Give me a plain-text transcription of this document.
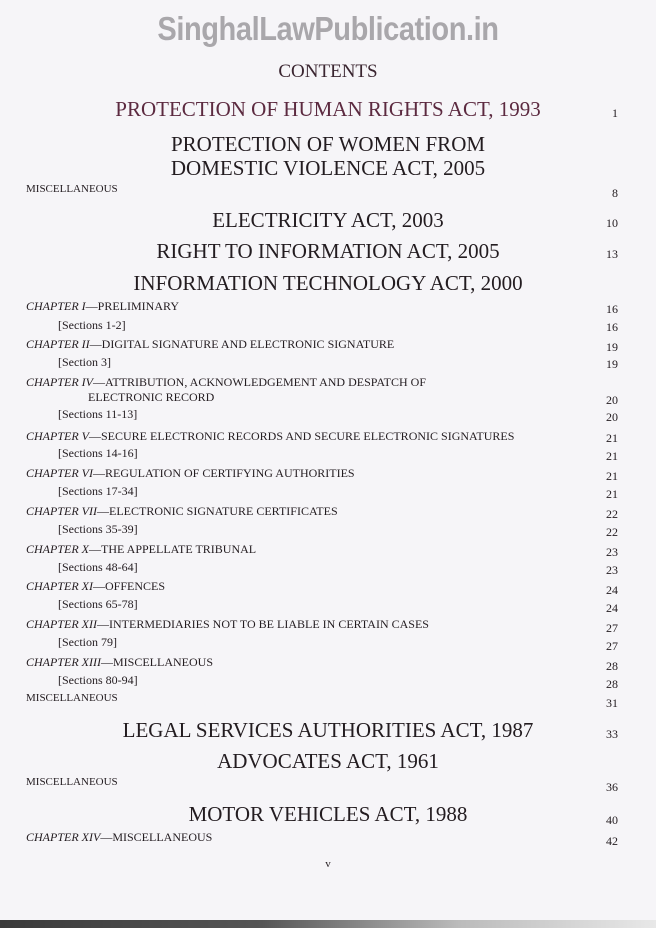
SinghalLawPublication.in
CONTENTS
PROTECTION OF HUMAN RIGHTS ACT, 1993	1
PROTECTION OF WOMEN FROM
DOMESTIC VIOLENCE ACT, 2005
MISCELLANEOUS	8
ELECTRICITY ACT, 2003	10
RIGHT TO INFORMATION ACT, 2005	13
INFORMATION TECHNOLOGY ACT, 2000
CHAPTER I—PRELIMINARY	16
[Sections 1-2]	16
CHAPTER II—DIGITAL SIGNATURE AND ELECTRONIC SIGNATURE	19
[Section 3]	19
CHAPTER IV—ATTRIBUTION, ACKNOWLEDGEMENT AND DESPATCH OF
ELECTRONIC RECORD	20
[Sections 11-13]	20
CHAPTER V—SECURE ELECTRONIC RECORDS AND SECURE ELECTRONIC SIGNATURES	21
[Sections 14-16]	21
CHAPTER VI—REGULATION OF CERTIFYING AUTHORITIES	21
[Sections 17-34]	21
CHAPTER VII—ELECTRONIC SIGNATURE CERTIFICATES	22
[Sections 35-39]	22
CHAPTER X—THE APPELLATE TRIBUNAL	23
[Sections 48-64]	23
CHAPTER XI—OFFENCES	24
[Sections 65-78]	24
CHAPTER XII—INTERMEDIARIES NOT TO BE LIABLE IN CERTAIN CASES	27
[Section 79]	27
CHAPTER XIII—MISCELLANEOUS	28
[Sections 80-94]	28
MISCELLANEOUS	31
LEGAL SERVICES AUTHORITIES ACT, 1987	33
ADVOCATES ACT, 1961
MISCELLANEOUS	36
MOTOR VEHICLES ACT, 1988	40
CHAPTER XIV—MISCELLANEOUS	42
v
